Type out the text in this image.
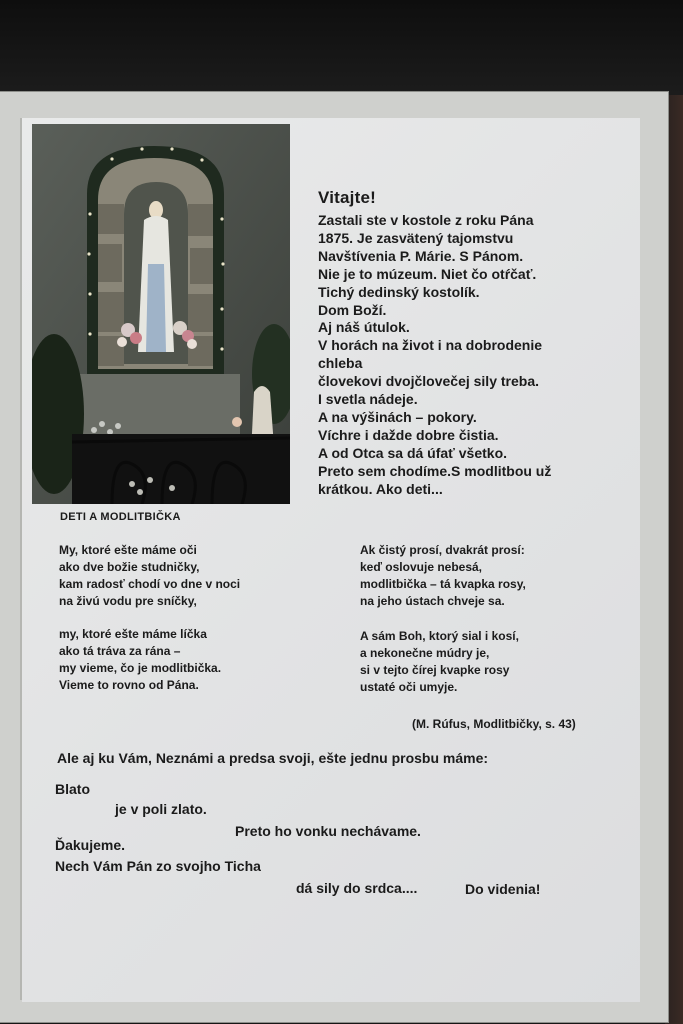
Vitajte!
Zastali ste v kostole z roku Pána
1875. Je zasvätený tajomstvu
Navštívenia P. Márie. S Pánom.
Nie je to múzeum. Niet čo otŕčať.
Tichý dedinský kostolík.
Dom Boží.
Aj náš útulok.
V horách na život i na dobrodenie
chleba
človekovi dvojčlovečej sily treba.
I svetla nádeje.
A na výšinách – pokory.
Víchre i dažde dobre čistia.
A od Otca sa dá úfať všetko.
Preto sem chodíme.S modlitbou už
krátkou. Ako deti...
DETI A MODLITBIČKA
My, ktoré ešte máme oči
ako dve božie studničky,
kam radosť chodí vo dne v noci
na živú vodu pre sníčky,
my, ktoré ešte máme líčka
ako tá tráva za rána –
my vieme, čo je modlitbička.
Vieme to rovno od Pána.
Ak čistý prosí, dvakrát prosí:
keď oslovuje nebesá,
modlitbička – tá kvapka rosy,
na jeho ústach chveje sa.
A sám Boh, ktorý sial i kosí,
a nekonečne múdry je,
si v tejto čírej kvapke rosy
ustaté oči umyje.
(M. Rúfus, Modlitbičky, s. 43)
Ale aj ku Vám, Neznámi a predsa svoji, ešte jednu prosbu máme:
Blato
je v poli zlato.
Preto ho vonku nechávame.
Ďakujeme.
Nech Vám Pán zo svojho Ticha
dá sily do srdca....	Do videnia!
